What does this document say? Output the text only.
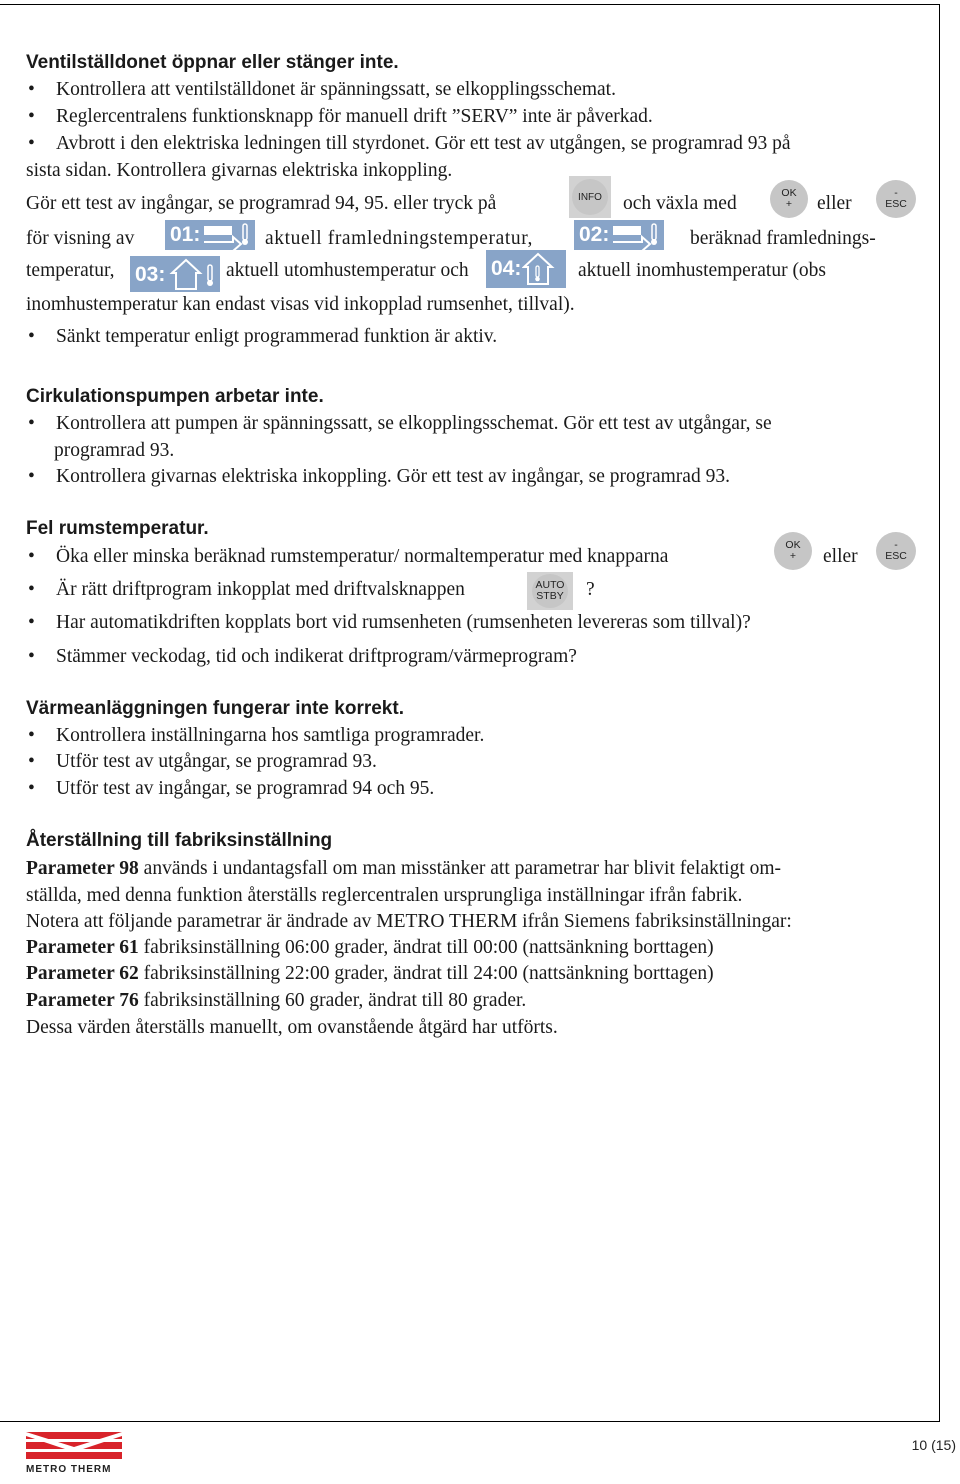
Ventilställdonet öppnar eller stänger inte.
• Kontrollera att ventilställdonet är spänningssatt, se elkopplingsschemat.
• Reglercentralens funktionsknapp för manuell drift ”SERV” inte är påverkad.
• Avbrott i den elektriska ledningen till styrdonet. Gör ett test av utgången, se programrad 93 på
sista sidan. Kontrollera givarnas elektriska inkoppling.
Gör ett test av ingångar, se programrad 94, 95. eller tryck på	INFO	och växla med	OK
+ eller	-
ESC
för visning av 01:	aktuell framledningstemperatur, 02:	beräknad framlednings-
temperatur, 03:	aktuell utomhustemperatur och 04:	aktuell inomhustemperatur (obs
inomhustemperatur kan endast visas vid inkopplad rumsenhet, tillval).
• Sänkt temperatur enligt programmerad funktion är aktiv.
Cirkulationspumpen arbetar inte.
• Kontrollera att pumpen är spänningssatt, se elkopplingsschemat. Gör ett test av utgångar, se
programrad 93.
• Kontrollera givarnas elektriska inkoppling. Gör ett test av ingångar, se programrad 93.
Fel rumstemperatur.
• Öka eller minska beräknad rumstemperatur/ normaltemperatur med knapparna
OK
+ eller
-
ESC
• Är rätt driftprogram inkopplat med driftvalsknappen	AUTO
STBY ?
• Har automatikdriften kopplats bort vid rumsenheten (rumsenheten levereras som tillval)?
• Stämmer veckodag, tid och indikerat driftprogram/värmeprogram?
Värmeanläggningen fungerar inte korrekt.
• Kontrollera inställningarna hos samtliga programrader.
• Utför test av utgångar, se programrad 93.
• Utför test av ingångar, se programrad 94 och 95.
Återställning till fabriksinställning
Parameter 98 används i undantagsfall om man misstänker att parametrar har blivit felaktigt om-
ställda, med denna funktion återställs reglercentralen ursprungliga inställningar ifrån fabrik.
Notera att följande parametrar är ändrade av METRO THERM ifrån Siemens fabriksinställningar:
Parameter 61 fabriksinställning 06:00 grader, ändrat till 00:00 (nattsänkning borttagen)
Parameter 62 fabriksinställning 22:00 grader, ändrat till 24:00 (nattsänkning borttagen)
Parameter 76 fabriksinställning 60 grader, ändrat till 80 grader.
Dessa värden återställs manuellt, om ovanstående åtgärd har utförts.
METRO THERM
10 (15)
